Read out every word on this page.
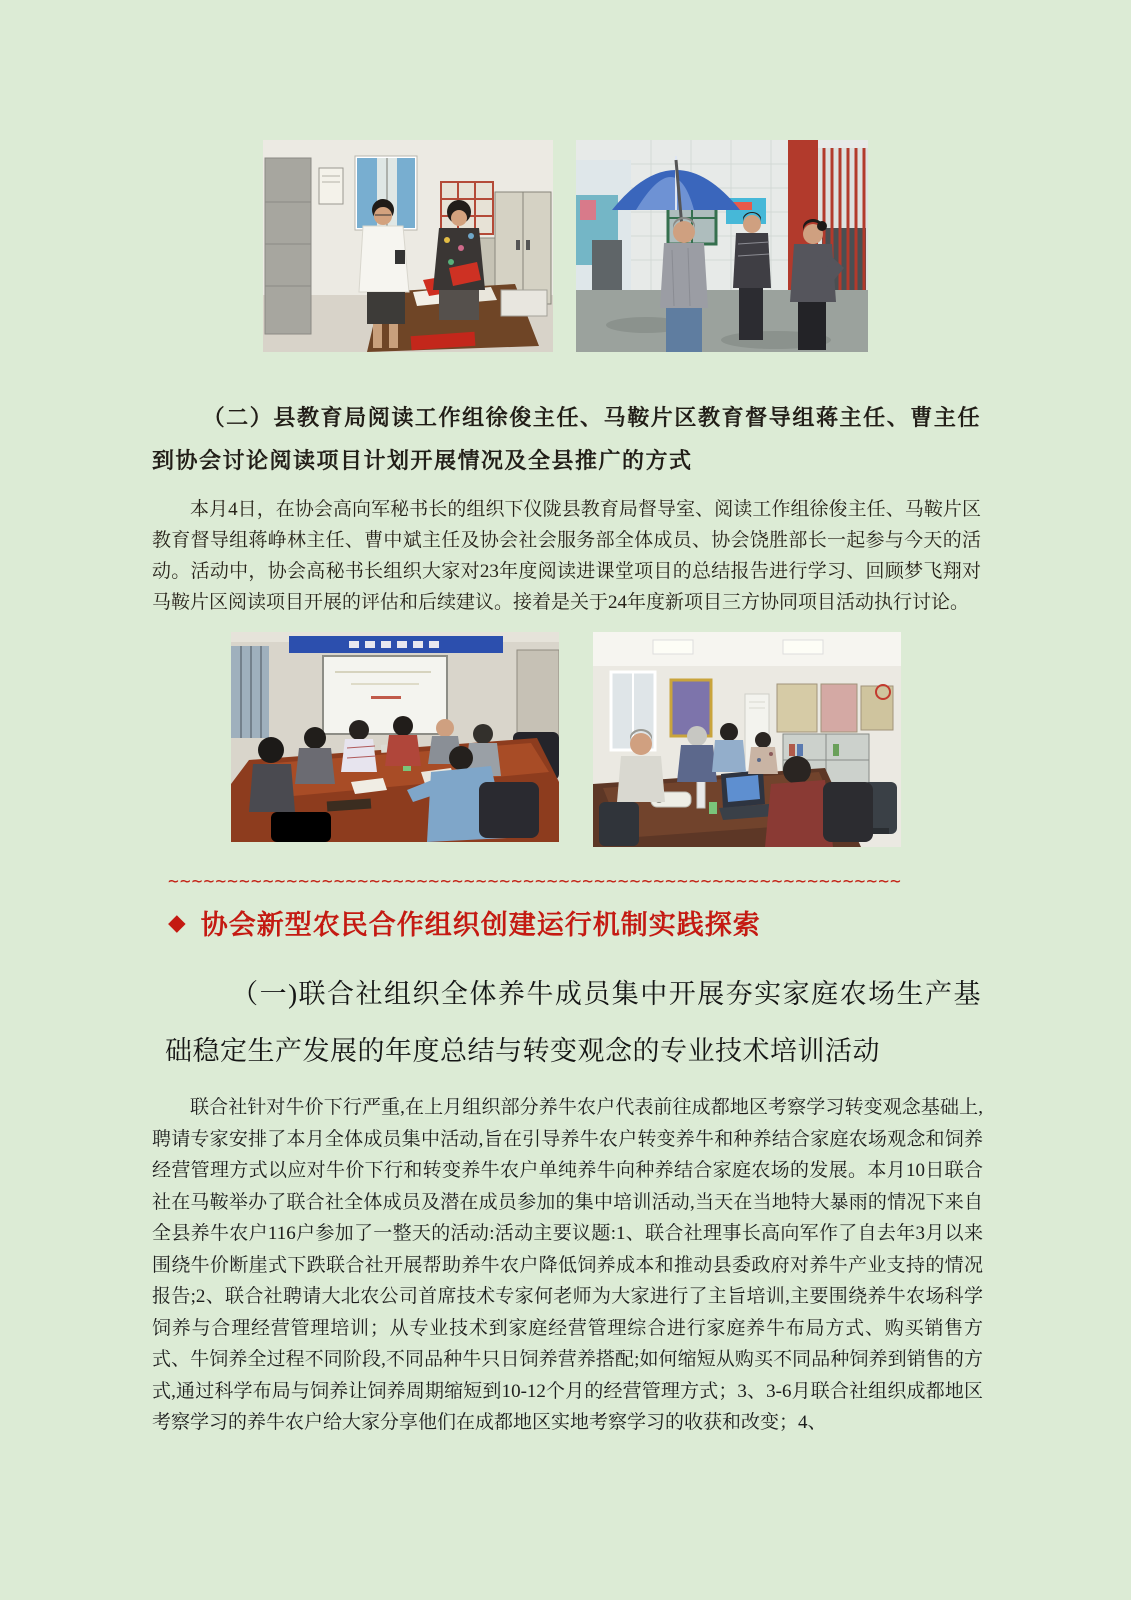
（二）县教育局阅读工作组徐俊主任、马鞍片区教育督导组蒋主任、曹主任到协会讨论阅读项目计划开展情况及全县推广的方式

本月4日，在协会高向军秘书长的组织下仪陇县教育局督导室、阅读工作组徐俊主任、马鞍片区教育督导组蒋峥林主任、曹中斌主任及协会社会服务部全体成员、协会饶胜部长一起参与今天的活动。活动中，协会高秘书长组织大家对23年度阅读进课堂项目的总结报告进行学习、回顾梦飞翔对马鞍片区阅读项目开展的评估和后续建议。接着是关于24年度新项目三方协同项目活动执行讨论。

~~~~~~~~~~~~~~~~~~~~~~~~~~~~~~~~~~~~~~~~~~~~~~~~~~~~~~~~~~~~~~
◆ 协会新型农民合作组织创建运行机制实践探索
（一)联合社组织全体养牛成员集中开展夯实家庭农场生产基础稳定生产发展的年度总结与转变观念的专业技术培训活动

联合社针对牛价下行严重,在上月组织部分养牛农户代表前往成都地区考察学习转变观念基础上,聘请专家安排了本月全体成员集中活动,旨在引导养牛农户转变养牛和种养结合家庭农场观念和饲养经营管理方式以应对牛价下行和转变养牛农户单纯养牛向种养结合家庭农场的发展。本月10日联合社在马鞍举办了联合社全体成员及潜在成员参加的集中培训活动,当天在当地特大暴雨的情况下来自全县养牛农户116户参加了一整天的活动:活动主要议题:1、联合社理事长高向军作了自去年3月以来围绕牛价断崖式下跌联合社开展帮助养牛农户降低饲养成本和推动县委政府对养牛产业支持的情况报告;2、联合社聘请大北农公司首席技术专家何老师为大家进行了主旨培训,主要围绕养牛农场科学饲养与合理经营管理培训；从专业技术到家庭经营管理综合进行家庭养牛布局方式、购买销售方式、牛饲养全过程不同阶段,不同品种牛只日饲养营养搭配;如何缩短从购买不同品种饲养到销售的方式,通过科学布局与饲养让饲养周期缩短到10-12个月的经营管理方式；3、3-6月联合社组织成都地区考察学习的养牛农户给大家分享他们在成都地区实地考察学习的收获和改变；4、
